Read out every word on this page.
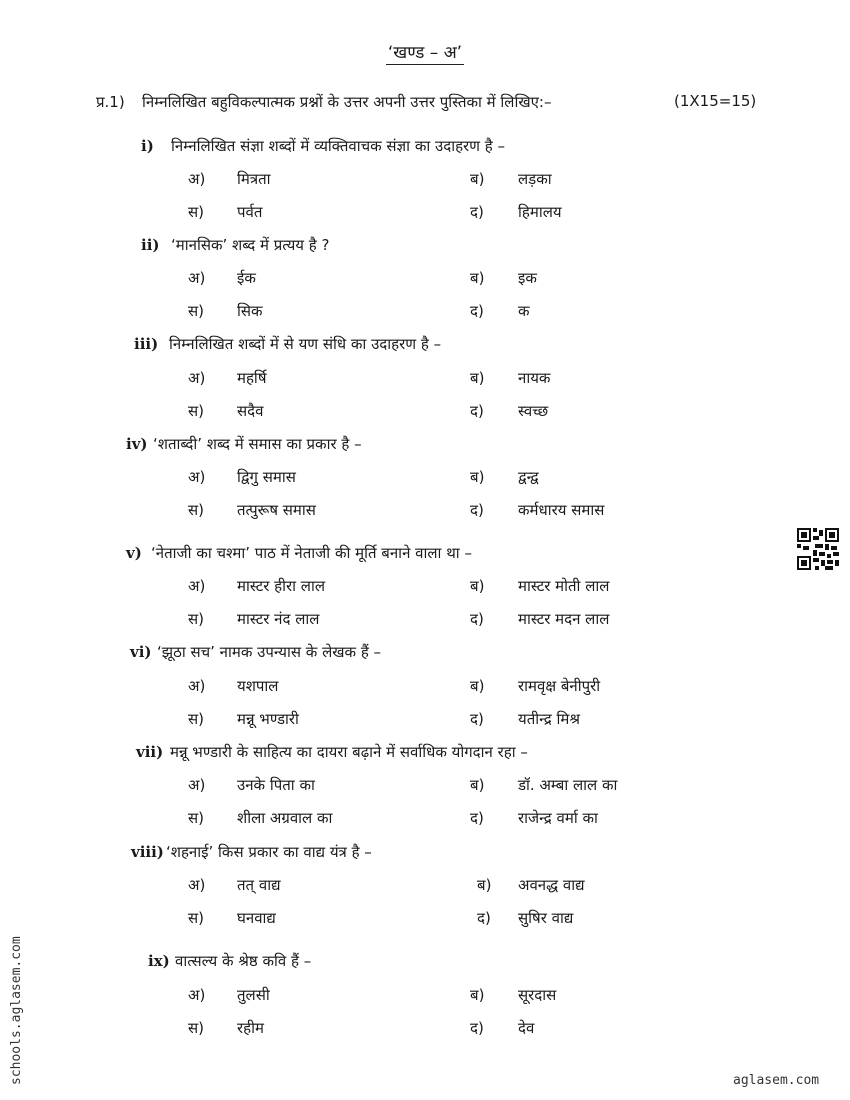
‘खण्ड – अ’
प्र.1) निम्नलिखित बहुविकल्पात्मक प्रश्नों के उत्तर अपनी उत्तर पुस्तिका में लिखिए:–	(1X15=15)
i) निम्नलिखित संज्ञा शब्दों में व्यक्तिवाचक संज्ञा का उदाहरण है –
अ) मित्रता	ब) लड़का
स) पर्वत	द) हिमालय
ii) ‘मानसिक’ शब्द में प्रत्यय है ?
अ) ईक	ब) इक
स) सिक	द) क
iii) निम्नलिखित शब्दों में से यण संधि का उदाहरण है –
अ) महर्षि	ब) नायक
स) सदैव	द) स्वच्छ
iv) ‘शताब्दी’ शब्द में समास का प्रकार है –
अ) द्विगु समास	ब) द्वन्द्व
स) तत्पुरूष समास	द) कर्मधारय समास
v) ‘नेताजी का चश्मा’ पाठ में नेताजी की मूर्ति बनाने वाला था –
अ) मास्टर हीरा लाल	ब) मास्टर मोती लाल
स) मास्टर नंद लाल	द) मास्टर मदन लाल
vi) ‘झूठा सच’ नामक उपन्यास के लेखक हैं –
अ) यशपाल	ब) रामवृक्ष बेनीपुरी
स) मन्नू भण्डारी	द) यतीन्द्र मिश्र
vii) मन्नू भण्डारी के साहित्य का दायरा बढ़ाने में सर्वाधिक योगदान रहा –
अ) उनके पिता का	ब) डॉ. अम्बा लाल का
स) शीला अग्रवाल का	द) राजेन्द्र वर्मा का
viii) ‘शहनाई’ किस प्रकार का वाद्य यंत्र है –
अ) तत् वाद्य	ब) अवनद्ध वाद्य
स) घनवाद्य	द) सुषिर वाद्य
ix) वात्सल्य के श्रेष्ठ कवि हैं –
अ) तुलसी	ब) सूरदास
स) रहीम	द) देव
schools.aglasem.com	aglasem.com
